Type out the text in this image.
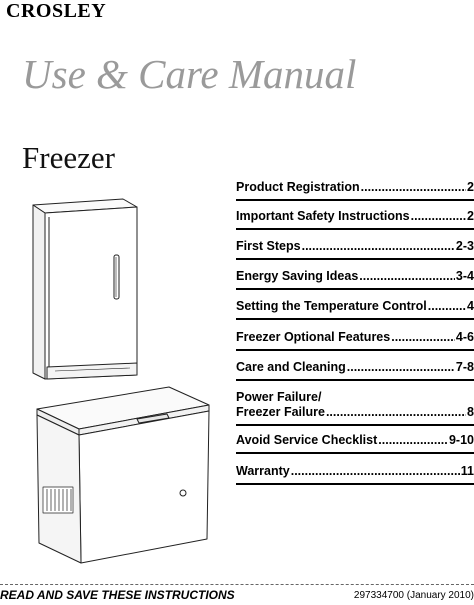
CROSLEY
Use & Care Manual
Freezer
Product Registration .....	2
Important Safety Instructions .....	2
First Steps .....	2-3
Energy Saving Ideas .....	3-4
Setting the Temperature Control .....	4
Freezer Optional Features .....	4-6
Care and Cleaning .....	7-8
Power Failure/
Freezer Failure .....	8
Avoid Service Checklist .....	9-10
Warranty .....	11
READ AND SAVE THESE INSTRUCTIONS	297334700 (January 2010)
